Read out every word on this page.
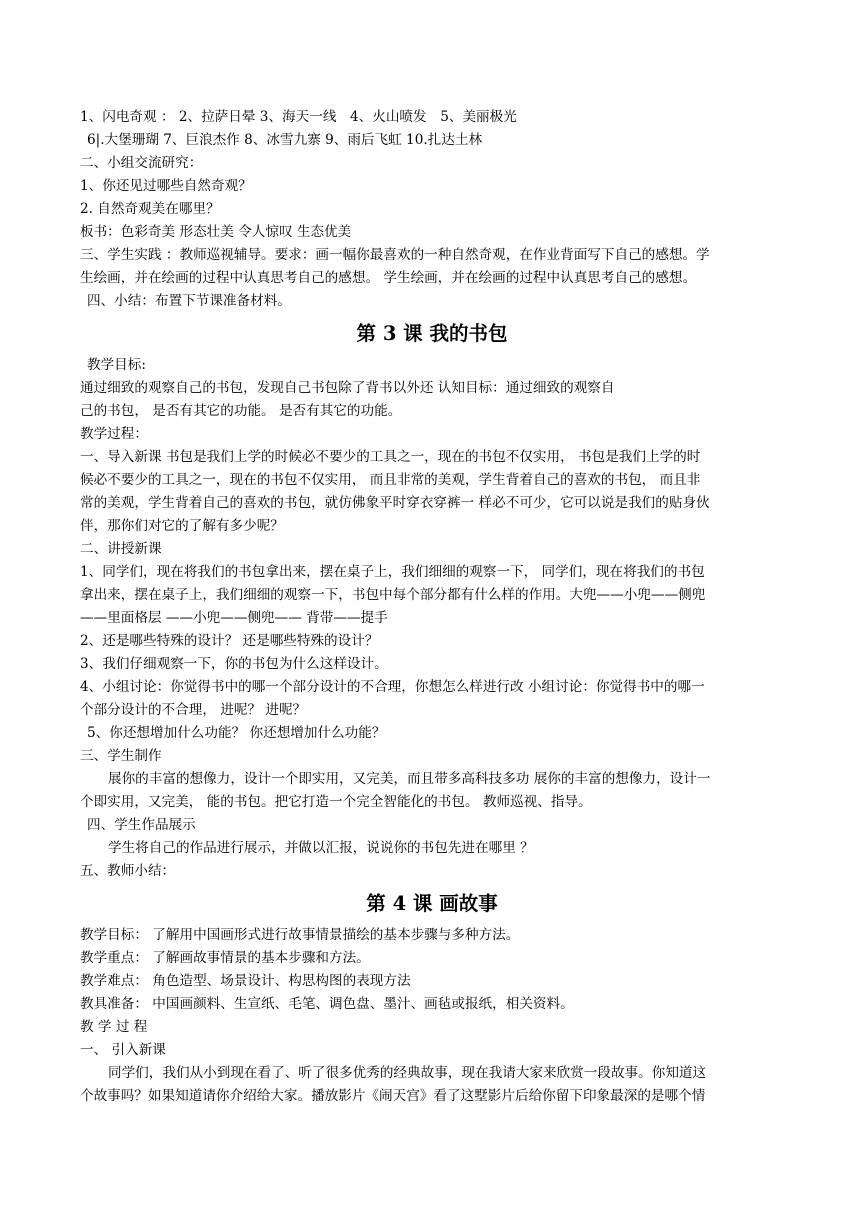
1、闪电奇观 ： 2、拉萨日晕 3、海天一线　4、火山喷发　5、美丽极光
6|.大堡珊瑚 7、巨浪杰作 8、冰雪九寨 9、雨后飞虹 10.扎达土林
二、小组交流研究：
1、你还见过哪些自然奇观？
2. 自然奇观美在哪里？
板书：色彩奇美 形态壮美 令人惊叹 生态优美
三、学生实践 ：教师巡视辅导。要求：画一幅你最喜欢的一种自然奇观，在作业背面写下自己的感想。学
生绘画，并在绘画的过程中认真思考自己的感想。 学生绘画，并在绘画的过程中认真思考自己的感想。
四、小结：布置下节课准备材料。
第 3 课 我的书包
教学目标:
通过细致的观察自己的书包，发现自己书包除了背书以外还 认知目标：通过细致的观察自
己的书包， 是否有其它的功能。 是否有其它的功能。
教学过程：
一、导入新课 书包是我们上学的时候必不要少的工具之一，现在的书包不仅实用， 书包是我们上学的时
候必不要少的工具之一，现在的书包不仅实用， 而且非常的美观，学生背着自己的喜欢的书包， 而且非
常的美观，学生背着自己的喜欢的书包，就仿佛象平时穿衣穿裤一 样必不可少，它可以说是我们的贴身伙
伴，那你们对它的了解有多少呢？
二、讲授新课
1、同学们，现在将我们的书包拿出来，摆在桌子上，我们细细的观察一下， 同学们，现在将我们的书包
拿出来，摆在桌子上，我们细细的观察一下，书包中每个部分都有什么样的作用。大兜——小兜——侧兜
——里面格层 ——小兜——侧兜—— 背带——提手
2、还是哪些特殊的设计？ 还是哪些特殊的设计？
3、我们仔细观察一下，你的书包为什么这样设计。
4、小组讨论：你觉得书中的哪一个部分设计的不合理，你想怎么样进行改 小组讨论：你觉得书中的哪一
个部分设计的不合理， 进呢？ 进呢？
5、你还想增加什么功能？ 你还想增加什么功能？
三、学生制作
展你的丰富的想像力，设计一个即实用，又完美，而且带多高科技多功 展你的丰富的想像力，设计一
个即实用，又完美， 能的书包。把它打造一个完全智能化的书包。 教师巡视、指导。
四、学生作品展示
学生将自己的作品进行展示，并做以汇报，说说你的书包先进在哪里 ？
五、教师小结：
第 4 课 画故事
教学目标： 了解用中国画形式进行故事情景描绘的基本步骤与多种方法。
教学重点： 了解画故事情景的基本步骤和方法。
教学难点： 角色造型、场景设计、构思构图的表现方法
教具准备： 中国画颜料、生宣纸、毛笔、调色盘、墨汁、画毡或报纸，相关资料。
教 学 过 程
一、 引入新课
同学们，我们从小到现在看了、听了很多优秀的经典故事，现在我请大家来欣赏一段故事。你知道这
个故事吗？如果知道请你介绍给大家。播放影片《闹天宫》看了这墅影片后给你留下印象最深的是哪个情
